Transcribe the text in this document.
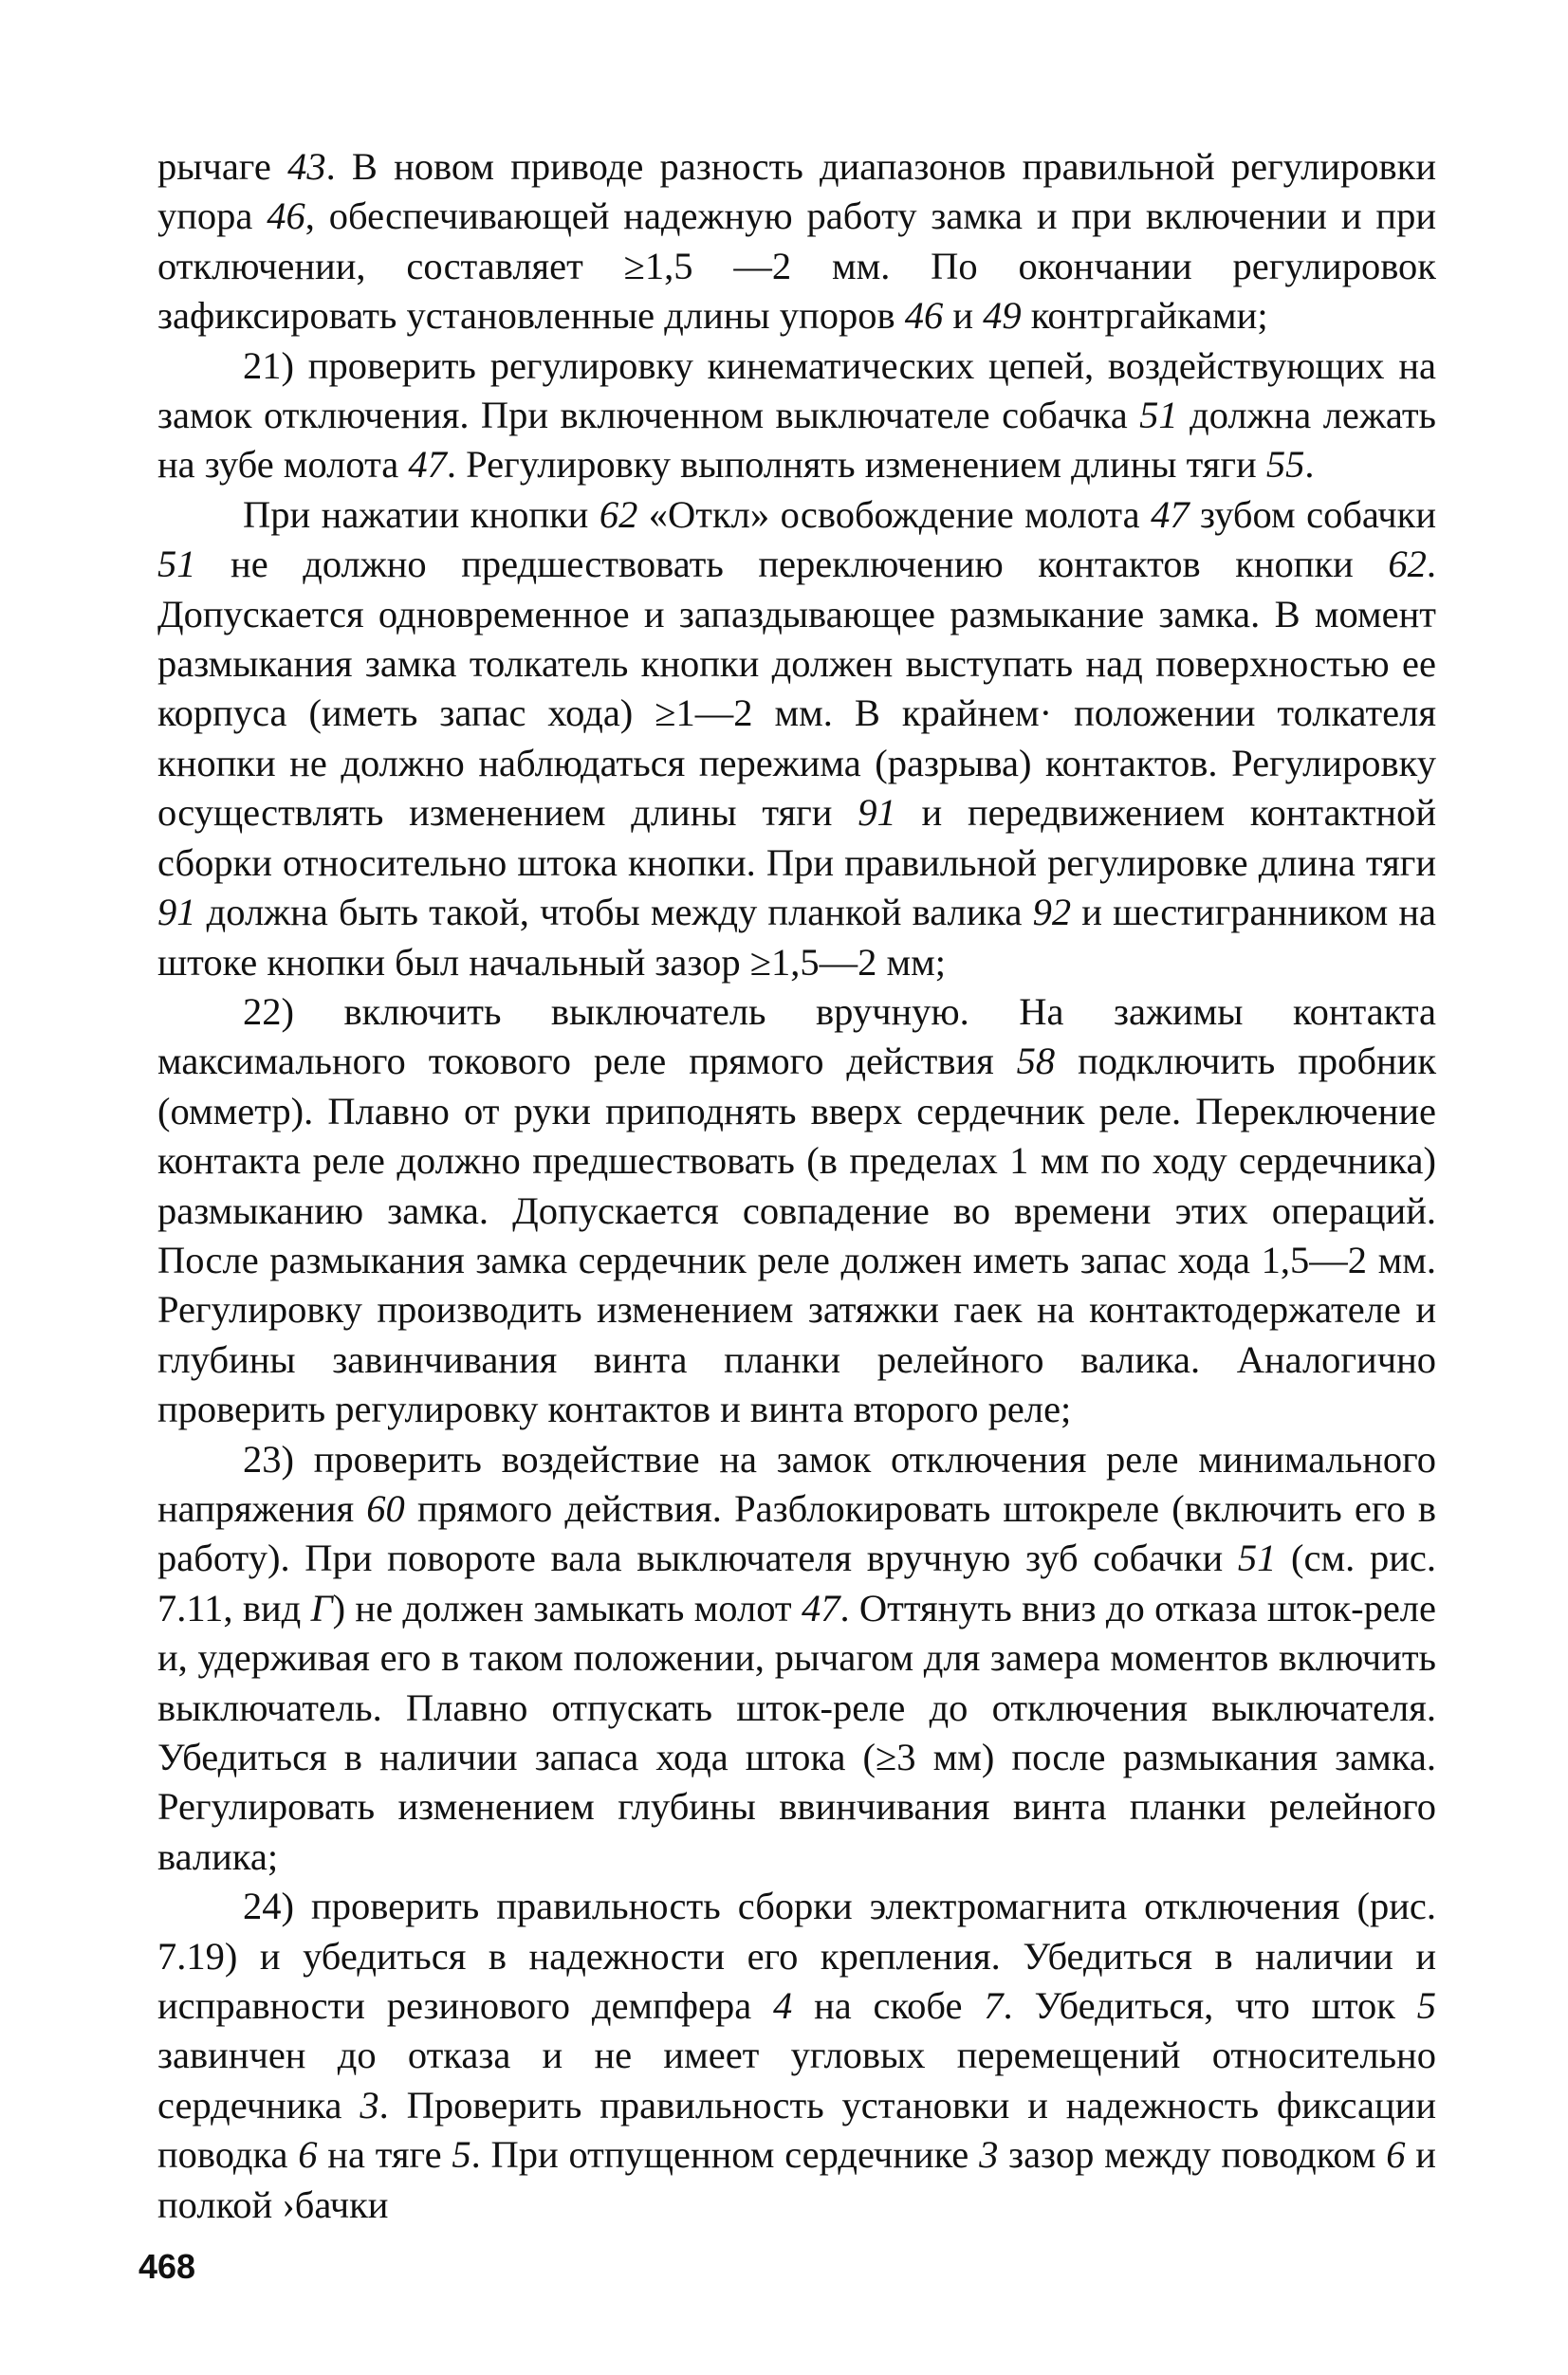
рычаге 43. В новом приводе разность диапазонов правильной регулировки упора 46, обеспечивающей надежную работу замка и при включении и при отключении, составляет ≥1,5 —2 мм. По окончании регулировок зафиксировать установленные длины упоров 46 и 49 контргайками;

21) проверить регулировку кинематических цепей, воздействующих на замок отключения. При включенном выключателе собачка 51 должна лежать на зубе молота 47. Регулировку выполнять изменением длины тяги 55.

При нажатии кнопки 62 «Откл» освобождение молота 47 зубом собачки 51 не должно предшествовать переключению контактов кнопки 62. Допускается одновременное и запаздывающее размыкание замка. В момент размыкания замка толкатель кнопки должен выступать над поверхностью ее корпуса (иметь запас хода) ≥1—2 мм. В крайнем· положении толкателя кнопки не должно наблюдаться пережима (разрыва) контактов. Регулировку осуществлять изменением длины тяги 91 и передвижением контактной сборки относительно штока кнопки. При правильной регулировке длина тяги 91 должна быть такой, чтобы между планкой валика 92 и шестигранником на штоке кнопки был начальный зазор ≥1,5—2 мм;

22) включить выключатель вручную. На зажимы контакта максимального токового реле прямого действия 58 подключить пробник (омметр). Плавно от руки приподнять вверх сердечник реле. Переключение контакта реле должно предшествовать (в пределах 1 мм по ходу сердечника) размыканию замка. Допускается совпадение во времени этих операций. После размыкания замка сердечник реле должен иметь запас хода 1,5—2 мм. Регулировку производить изменением затяжки гаек на контактодержателе и глубины завинчивания винта планки релейного валика. Аналогично проверить регулировку контактов и винта второго реле;

23) проверить воздействие на замок отключения реле минимального напряжения 60 прямого действия. Разблокировать штокреле (включить его в работу). При повороте вала выключателя вручную зуб собачки 51 (см. рис. 7.11, вид Г) не должен замыкать молот 47. Оттянуть вниз до отказа шток-реле и, удерживая его в таком положении, рычагом для замера моментов включить выключатель. Плавно отпускать шток-реле до отключения выключателя. Убедиться в наличии запаса хода штока (≥3 мм) после размыкания замка. Регулировать изменением глубины ввинчивания винта планки релейного валика;

24) проверить правильность сборки электромагнита отключения (рис. 7.19) и убедиться в надежности его крепления. Убедиться в наличии и исправности резинового демпфера 4 на скобе 7. Убедиться, что шток 5 завинчен до отказа и не имеет угловых перемещений относительно сердечника 3. Проверить правильность установки и надежность фиксации поводка 6 на тяге 5. При отпущенном сердечнике 3 зазор между поводком 6 и полкой ›бачки

468
